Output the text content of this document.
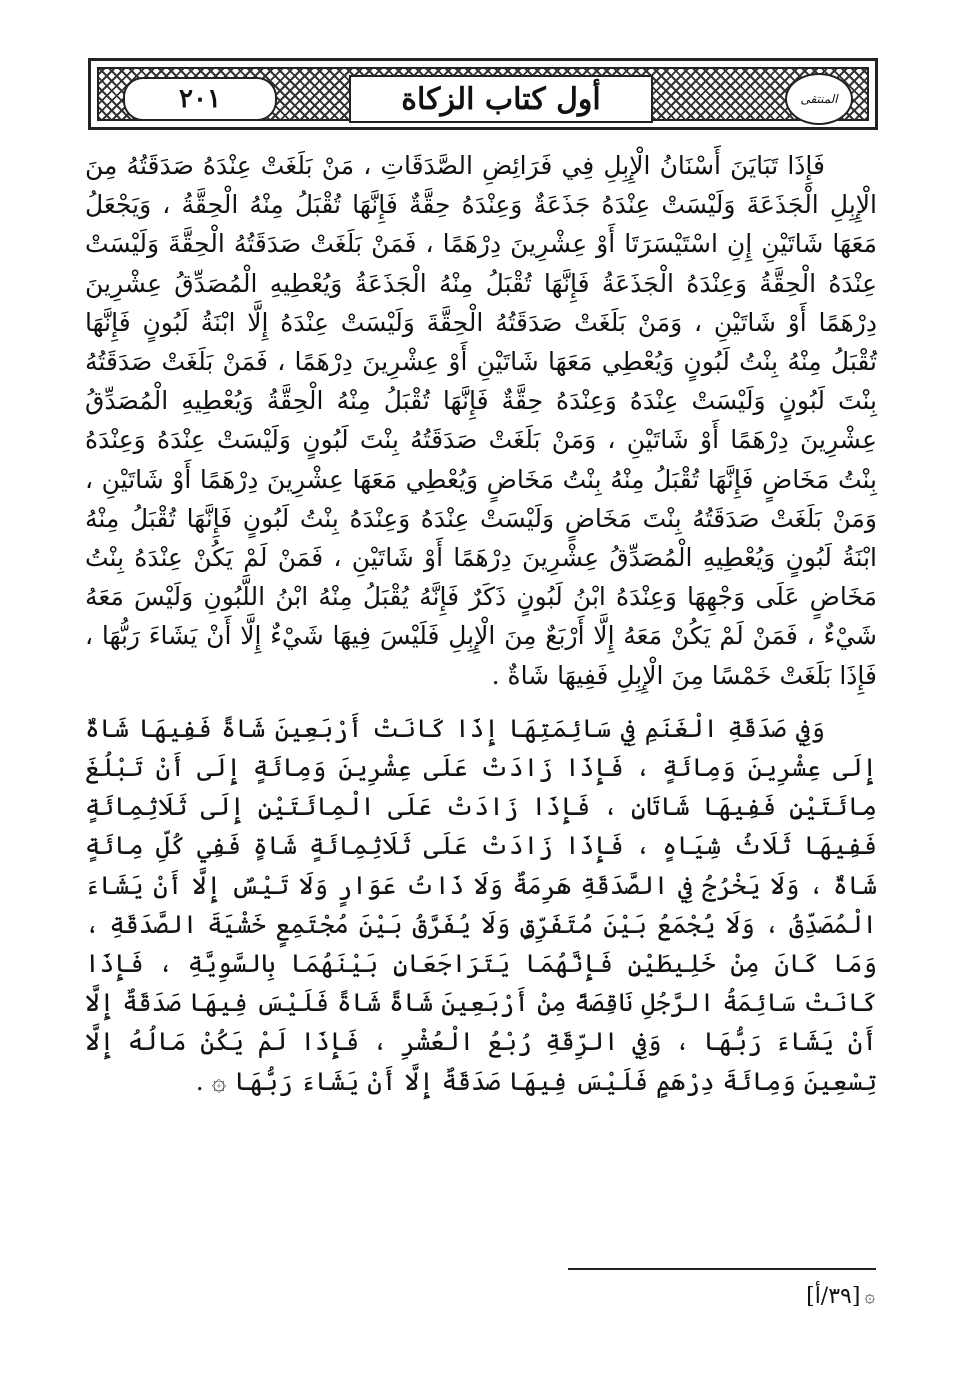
٢٠١	أول كتاب الزكاة	المنتقى

فَإِذَا تَبَايَنَ أَسْنَانُ الْإِبِلِ فِي فَرَائِضِ الصَّدَقَاتِ ، مَنْ بَلَغَتْ عِنْدَهُ صَدَقَتُهُ مِنَ الْإِبِلِ الْجَذَعَةَ وَلَيْسَتْ عِنْدَهُ جَذَعَةٌ وَعِنْدَهُ حِقَّةٌ فَإِنَّهَا تُقْبَلُ مِنْهُ الْحِقَّةُ ، وَيَجْعَلُ مَعَهَا شَاتَيْنِ إِنِ اسْتَيْسَرَتَا أَوْ عِشْرِينَ دِرْهَمًا ، فَمَنْ بَلَغَتْ صَدَقَتُهُ الْحِقَّةَ وَلَيْسَتْ عِنْدَهُ الْحِقَّةُ وَعِنْدَهُ الْجَذَعَةُ فَإِنَّهَا تُقْبَلُ مِنْهُ الْجَذَعَةُ وَيُعْطِيهِ الْمُصَدِّقُ عِشْرِينَ دِرْهَمًا أَوْ شَاتَيْنِ ، وَمَنْ بَلَغَتْ صَدَقَتُهُ الْحِقَّةَ وَلَيْسَتْ عِنْدَهُ إِلَّا ابْنَةُ لَبُونٍ فَإِنَّهَا تُقْبَلُ مِنْهُ بِنْتُ لَبُونٍ وَيُعْطِي مَعَهَا شَاتَيْنِ أَوْ عِشْرِينَ دِرْهَمًا ، فَمَنْ بَلَغَتْ صَدَقَتُهُ بِنْتَ لَبُونٍ وَلَيْسَتْ عِنْدَهُ وَعِنْدَهُ حِقَّةٌ فَإِنَّهَا تُقْبَلُ مِنْهُ الْحِقَّةُ وَيُعْطِيهِ الْمُصَدِّقُ عِشْرِينَ دِرْهَمًا أَوْ شَاتَيْنِ ، وَمَنْ بَلَغَتْ صَدَقَتُهُ بِنْتَ لَبُونٍ وَلَيْسَتْ عِنْدَهُ وَعِنْدَهُ بِنْتُ مَخَاضٍ فَإِنَّهَا تُقْبَلُ مِنْهُ بِنْتُ مَخَاضٍ وَيُعْطِي مَعَهَا عِشْرِينَ دِرْهَمًا أَوْ شَاتَيْنِ ، وَمَنْ بَلَغَتْ صَدَقَتُهُ بِنْتَ مَخَاضٍ وَلَيْسَتْ عِنْدَهُ وَعِنْدَهُ بِنْتُ لَبُونٍ فَإِنَّهَا تُقْبَلُ مِنْهُ ابْنَةُ لَبُونٍ وَيُعْطِيهِ الْمُصَدِّقُ عِشْرِينَ دِرْهَمًا أَوْ شَاتَيْنِ ، فَمَنْ لَمْ يَكُنْ عِنْدَهُ بِنْتُ مَخَاضٍ عَلَى وَجْهِهَا وَعِنْدَهُ ابْنُ لَبُونٍ ذَكَرٌ فَإِنَّهُ يُقْبَلُ مِنْهُ ابْنُ اللَّبُونِ وَلَيْسَ مَعَهُ شَيْءٌ ، فَمَنْ لَمْ يَكُنْ مَعَهُ إِلَّا أَرْبَعٌ مِنَ الْإِبِلِ فَلَيْسَ فِيهَا شَيْءٌ إِلَّا أَنْ يَشَاءَ رَبُّهَا ، فَإِذَا بَلَغَتْ خَمْسًا مِنَ الْإِبِلِ فَفِيهَا شَاةٌ .

وَفِي صَدَقَةِ الْغَنَمِ فِي سَائِمَتِهَا إِذَا كَانَتْ أَرْبَعِينَ شَاةً فَفِيهَا شَاةٌ إِلَى عِشْرِينَ وَمِائَةٍ ، فَإِذَا زَادَتْ عَلَى عِشْرِينَ وَمِائَةٍ إِلَى أَنْ تَبْلُغَ مِائَتَيْنِ فَفِيهَا شَاتَانِ ، فَإِذَا زَادَتْ عَلَى الْمِائَتَيْنِ إِلَى ثَلَاثِمِائَةٍ فَفِيهَا ثَلَاثُ شِيَاهٍ ، فَإِذَا زَادَتْ عَلَى ثَلَاثِمِائَةٍ شَاةٍ فَفِي كُلِّ مِائَةٍ شَاةٌ ، وَلَا يَخْرُجُ فِي الصَّدَقَةِ هَرِمَةٌ وَلَا ذَاتُ عَوَارٍ وَلَا تَيْسٌ إِلَّا أَنْ يَشَاءَ الْمُصَدِّقُ ، وَلَا يُجْمَعُ بَيْنَ مُتَفَرِّقٍ وَلَا يُفَرَّقُ بَيْنَ مُجْتَمِعٍ خَشْيَةَ الصَّدَقَةِ ، وَمَا كَانَ مِنْ خَلِيطَيْنِ فَإِنَّهُمَا يَتَرَاجَعَانِ بَيْنَهُمَا بِالسَّوِيَّةِ ، فَإِذَا كَانَتْ سَائِمَةُ الرَّجُلِ نَاقِصَةً مِنْ أَرْبَعِينَ شَاةً شَاةً فَلَيْسَ فِيهَا صَدَقَةٌ إِلَّا أَنْ يَشَاءَ رَبُّهَا ، وَفِي الرِّقَةِ رُبْعُ الْعُشْرِ ، فَإِذَا لَمْ يَكُنْ مَالُهُ إِلَّا تِسْعِينَ وَمِائَةَ دِرْهَمٍ فَلَيْسَ فِيهَا صَدَقَةٌ إِلَّا أَنْ يَشَاءَ رَبُّهَا ۞ .

۞
[٣٩/أ]
